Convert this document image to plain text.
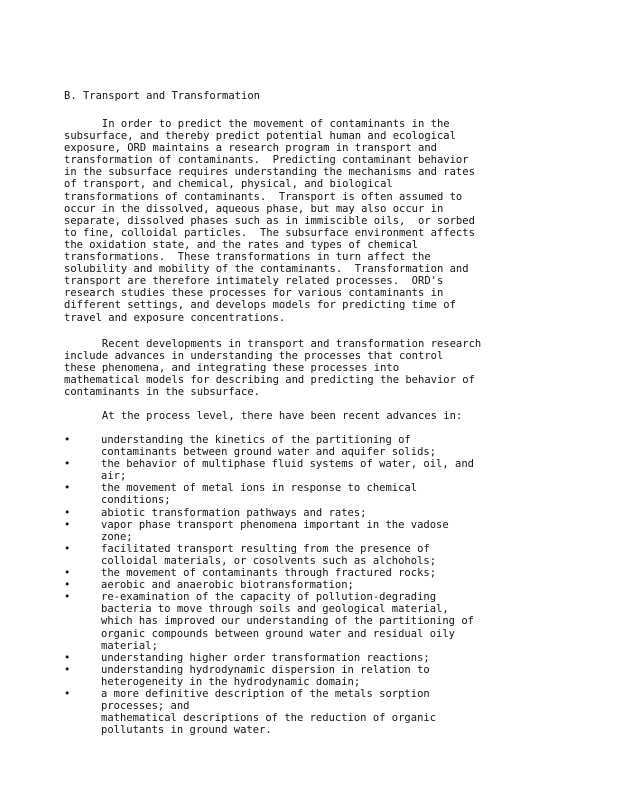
B. Transport and Transformation
In order to predict the movement of contaminants in the
subsurface, and thereby predict potential human and ecological
exposure, ORD maintains a research program in transport and
transformation of contaminants.  Predicting contaminant behavior
in the subsurface requires understanding the mechanisms and rates
of transport, and chemical, physical, and biological
transformations of contaminants.  Transport is often assumed to
occur in the dissolved, aqueous phase, but may also occur in
separate, dissolved phases such as in immiscible oils,  or sorbed
to fine, colloidal particles.  The subsurface environment affects
the oxidation state, and the rates and types of chemical
transformations.  These transformations in turn affect the
solubility and mobility of the contaminants.  Transformation and
transport are therefore intimately related processes.  ORD's
research studies these processes for various contaminants in
different settings, and develops models for predicting time of
travel and exposure concentrations.
Recent developments in transport and transformation research
include advances in understanding the processes that control
these phenomena, and integrating these processes into
mathematical models for describing and predicting the behavior of
contaminants in the subsurface.
At the process level, there have been recent advances in:
•	understanding the kinetics of the partitioning of
contaminants between ground water and aquifer solids;
•	the behavior of multiphase fluid systems of water, oil, and
air;
•	the movement of metal ions in response to chemical
conditions;
•	abiotic transformation pathways and rates;
•	vapor phase transport phenomena important in the vadose
zone;
•	facilitated transport resulting from the presence of
colloidal materials, or cosolvents such as alchohols;
•	the movement of contaminants through fractured rocks;
•	aerobic and anaerobic biotransformation;
•	re-examination of the capacity of pollution-degrading
bacteria to move through soils and geological material,
which has improved our understanding of the partitioning of
organic compounds between ground water and residual oily
material;
•	understanding higher order transformation reactions;
•	understanding hydrodynamic dispersion in relation to
heterogeneity in the hydrodynamic domain;
•	a more definitive description of the metals sorption
processes; and
mathematical descriptions of the reduction of organic
pollutants in ground water.
